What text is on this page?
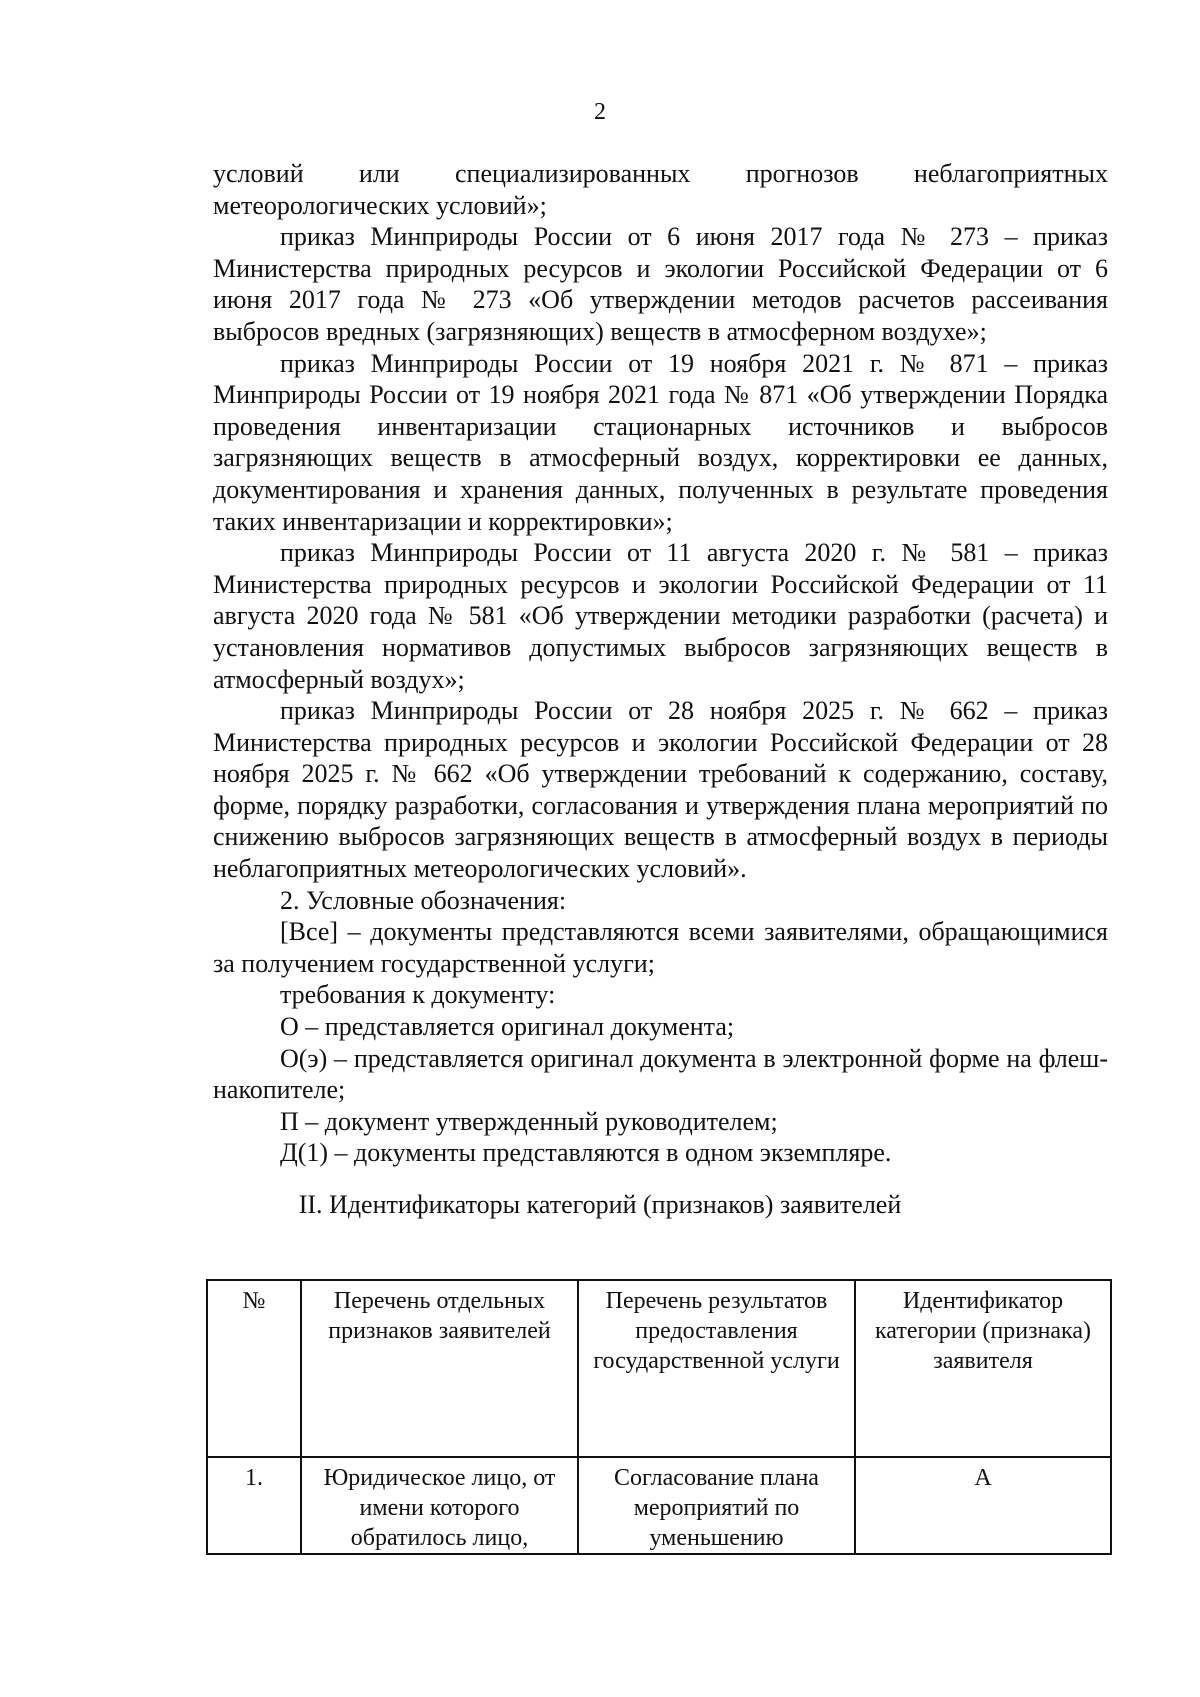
2

условий или специализированных прогнозов неблагоприятных метеорологических условий»;

приказ Минприроды России от 6 июня 2017 года № 273 – приказ Министерства природных ресурсов и экологии Российской Федерации от 6 июня 2017 года № 273 «Об утверждении методов расчетов рассеивания выбросов вредных (загрязняющих) веществ в атмосферном воздухе»;

приказ Минприроды России от 19 ноября 2021 г. № 871 – приказ Минприроды России от 19 ноября 2021 года № 871 «Об утверждении Порядка проведения инвентаризации стационарных источников и выбросов загрязняющих веществ в атмосферный воздух, корректировки ее данных, документирования и хранения данных, полученных в результате проведения таких инвентаризации и корректировки»;

приказ Минприроды России от 11 августа 2020 г. № 581 – приказ Министерства природных ресурсов и экологии Российской Федерации от 11 августа 2020 года № 581 «Об утверждении методики разработки (расчета) и установления нормативов допустимых выбросов загрязняющих веществ в атмосферный воздух»;

приказ Минприроды России от 28 ноября 2025 г. № 662 – приказ Министерства природных ресурсов и экологии Российской Федерации от 28 ноября 2025 г. № 662 «Об утверждении требований к содержанию, составу, форме, порядку разработки, согласования и утверждения плана мероприятий по снижению выбросов загрязняющих веществ в атмосферный воздух в периоды неблагоприятных метеорологических условий».

2. Условные обозначения:

[Все] – документы представляются всеми заявителями, обращающимися за получением государственной услуги;

требования к документу:

О – представляется оригинал документа;

О(э) – представляется оригинал документа в электронной форме на флеш-накопителе;

П – документ утвержденный руководителем;

Д(1) – документы представляются в одном экземпляре.

II. Идентификаторы категорий (признаков) заявителей
№	Перечень отдельных признаков заявителей	Перечень результатов предоставления государственной услуги	Идентификатор категории (признака) заявителя
1.	Юридическое лицо, от имени которого обратилось лицо,	Согласование плана мероприятий по уменьшению	А
